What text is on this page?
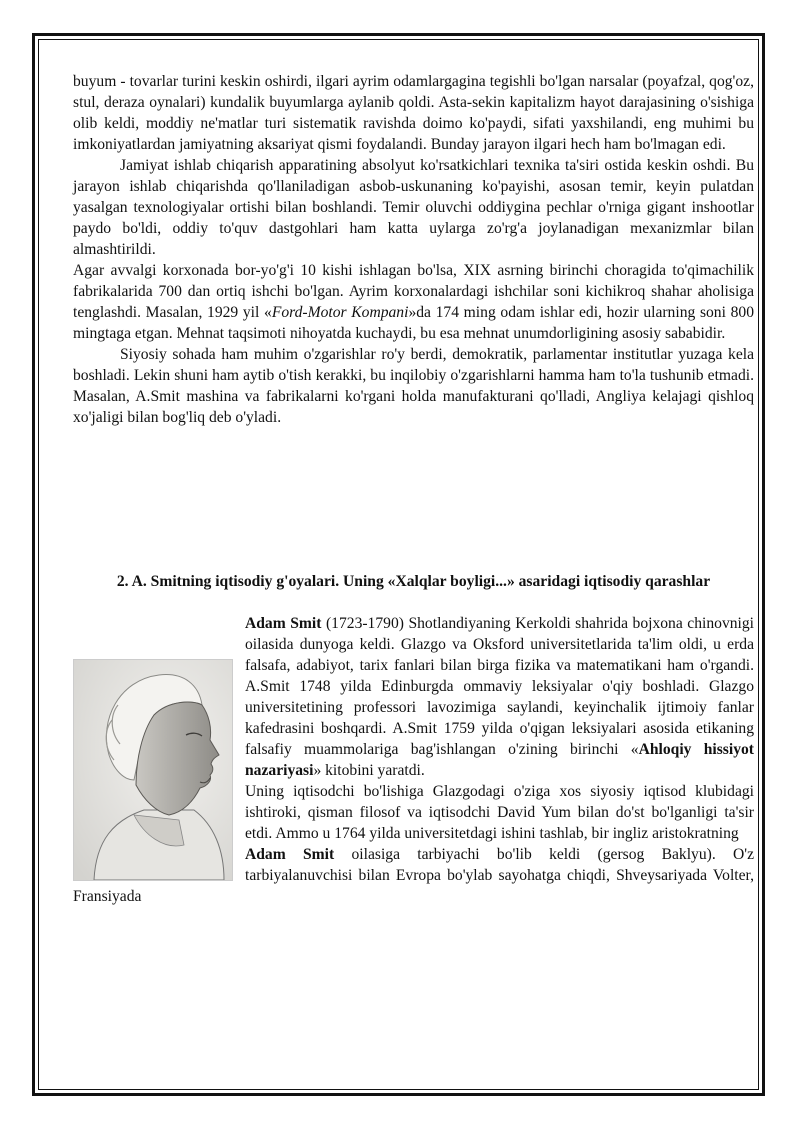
buyum - tovarlar turini keskin oshirdi, ilgari ayrim odamlargagina tegishli bo'lgan narsalar (poyafzal, qog'oz, stul, deraza oynalari) kundalik buyumlarga aylanib qoldi. Asta-sekin kapitalizm hayot darajasining o'sishiga olib keldi, moddiy ne'matlar turi sistematik ravishda doimo ko'paydi, sifati yaxshilandi, eng muhimi bu imkoniyatlardan jamiyatning aksariyat qismi foydalandi. Bunday jarayon ilgari hech ham bo'lmagan edi.

Jamiyat ishlab chiqarish apparatining absolyut ko'rsatkichlari texnika ta'siri ostida keskin oshdi. Bu jarayon ishlab chiqarishda qo'llaniladigan asbob-uskunaning ko'payishi, asosan temir, keyin pulatdan yasalgan texnologiyalar ortishi bilan boshlandi. Temir oluvchi oddiygina pechlar o'rniga gigant inshootlar paydo bo'ldi, oddiy to'quv dastgohlari ham katta uylarga zo'rg'a joylanadigan mexanizmlar bilan almashtirildi.

Agar avvalgi korxonada bor-yo'g'i 10 kishi ishlagan bo'lsa, XIX asrning birinchi choragida to'qimachilik fabrikalarida 700 dan ortiq ishchi bo'lgan. Ayrim korxonalardagi ishchilar soni kichikroq shahar aholisiga tenglashdi. Masalan, 1929 yil «Ford-Motor Kompani»da 174 ming odam ishlar edi, hozir ularning soni 800 mingtaga etgan. Mehnat taqsimoti nihoyatda kuchaydi, bu esa mehnat unumdorligining asosiy sababidir.

Siyosiy sohada ham muhim o'zgarishlar ro'y berdi, demokratik, parlamentar institutlar yuzaga kela boshladi. Lekin shuni ham aytib o'tish kerakki, bu inqilobiy o'zgarishlarni hamma ham to'la tushunib etmadi. Masalan, A.Smit mashina va fabrikalarni ko'rgani holda manufakturani qo'lladi, Angliya kelajagi qishloq xo'jaligi bilan bog'liq deb o'yladi.

2. A. Smitning iqtisodiy g'oyalari. Uning «Xalqlar boyligi...» asaridagi iqtisodiy qarashlar

Adam Smit (1723-1790) Shotlandiyaning Kerkoldi shahrida bojxona chinovnigi oilasida dunyoga keldi. Glazgo va Oksford universitetlarida ta'lim oldi, u erda falsafa, adabiyot, tarix fanlari bilan birga fizika va matematikani ham o'rgandi. A.Smit 1748 yilda Edinburgda ommaviy leksiyalar o'qiy boshladi. Glazgo universitetining professori lavozimiga saylandi, keyinchalik ijtimoiy fanlar kafedrasini boshqardi. A.Smit 1759 yilda o'qigan leksiyalari asosida etikaning falsafiy muammolariga bag'ishlangan o'zining birinchi «Ahloqiy hissiyot nazariyasi» kitobini yaratdi.

Uning iqtisodchi bo'lishiga Glazgodagi o'ziga xos siyosiy iqtisod klubidagi ishtiroki, qisman filosof va iqtisodchi David Yum bilan do'st bo'lganligi ta'sir etdi. Ammo u 1764 yilda universitetdagi ishini tashlab, bir ingliz aristokratning

Adam Smit oilasiga tarbiyachi bo'lib keldi (gersog Baklyu). O'z tarbiyalanuvchisi bilan Evropa bo'ylab sayohatga chiqdi, Shveysariyada Volter, Fransiyada
